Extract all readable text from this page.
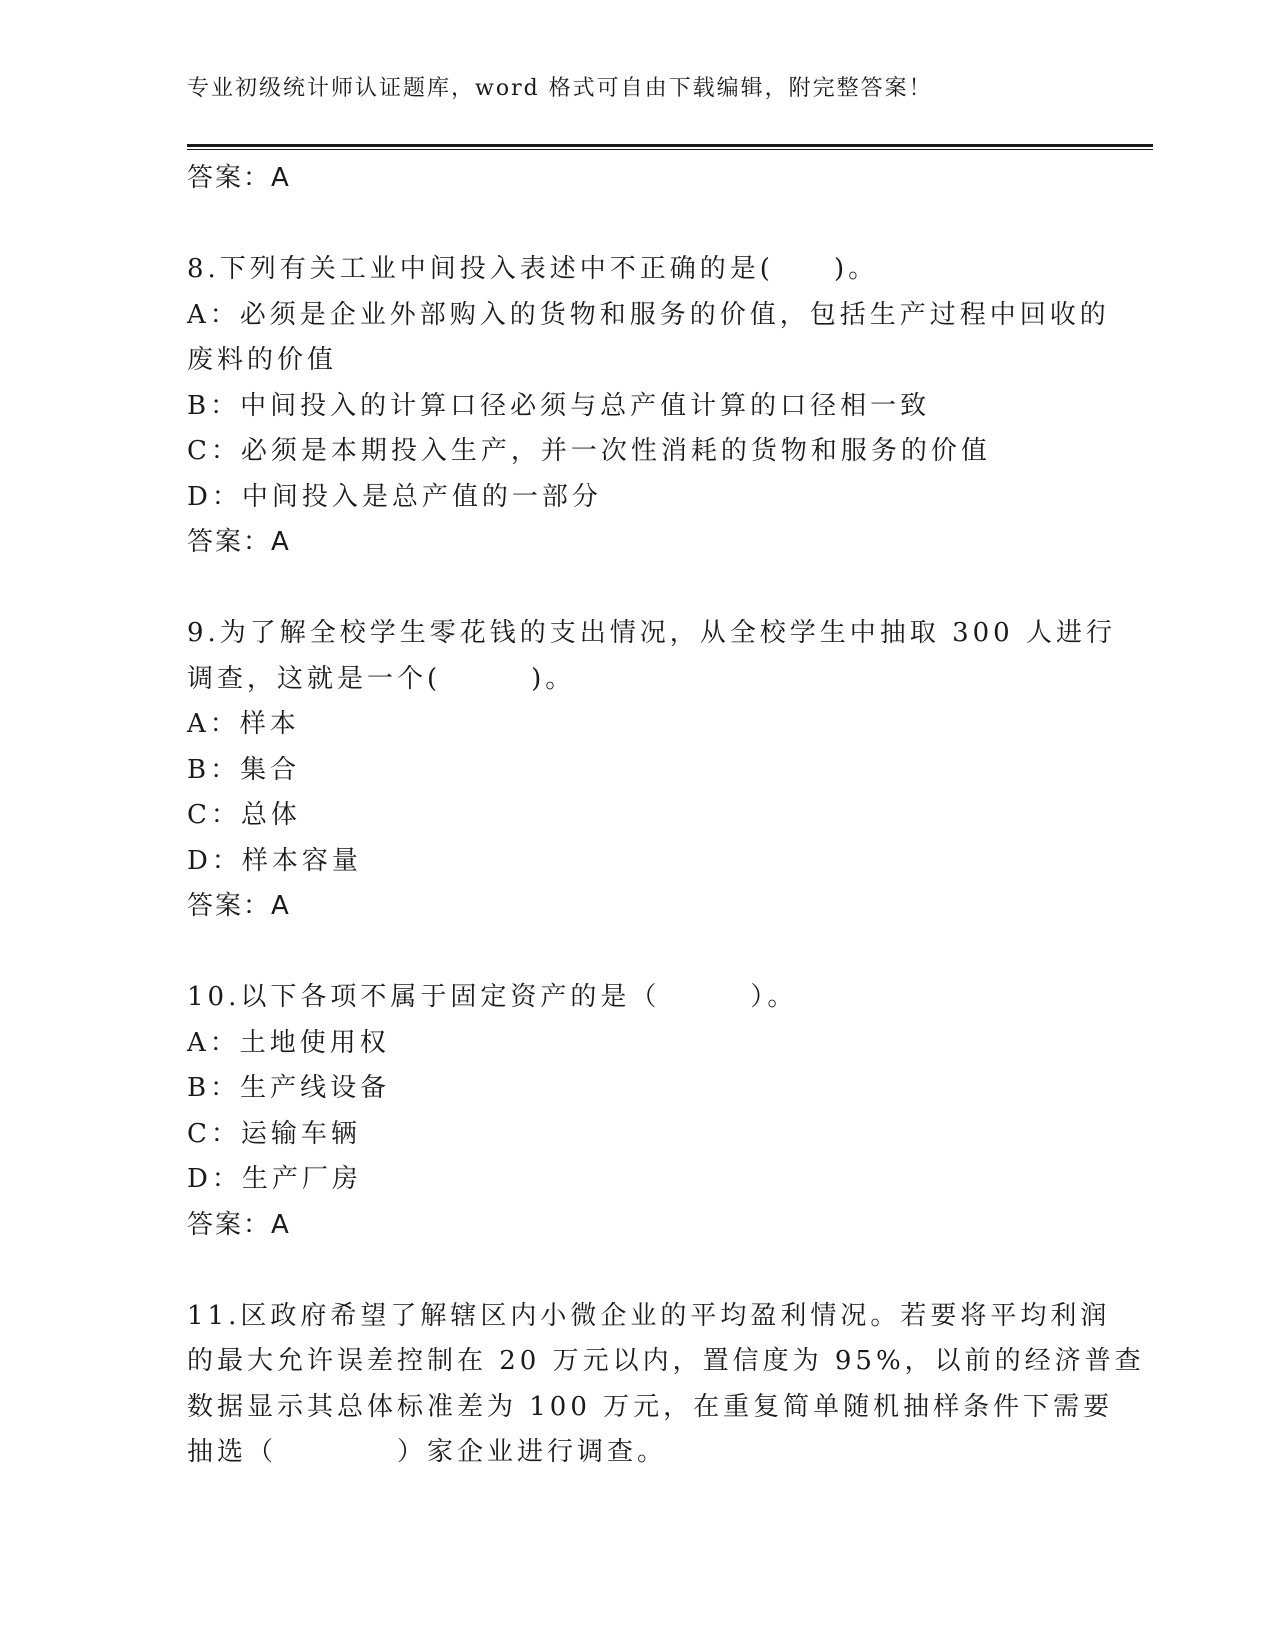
专业初级统计师认证题库，word 格式可自由下载编辑，附完整答案！
答案：A
8.下列有关工业中间投入表述中不正确的是(　　)。
A：必须是企业外部购入的货物和服务的价值，包括生产过程中回收的
废料的价值
B：中间投入的计算口径必须与总产值计算的口径相一致
C：必须是本期投入生产，并一次性消耗的货物和服务的价值
D：中间投入是总产值的一部分
答案：A
9.为了解全校学生零花钱的支出情况，从全校学生中抽取 300 人进行
调查，这就是一个(　　　)。
A：样本
B：集合
C：总体
D：样本容量
答案：A
10.以下各项不属于固定资产的是（　　　）。
A：土地使用权
B：生产线设备
C：运输车辆
D：生产厂房
答案：A
11.区政府希望了解辖区内小微企业的平均盈利情况。若要将平均利润
的最大允许误差控制在 20 万元以内，置信度为 95%，以前的经济普查
数据显示其总体标准差为 100 万元，在重复简单随机抽样条件下需要
抽选（　　　　）家企业进行调查。
